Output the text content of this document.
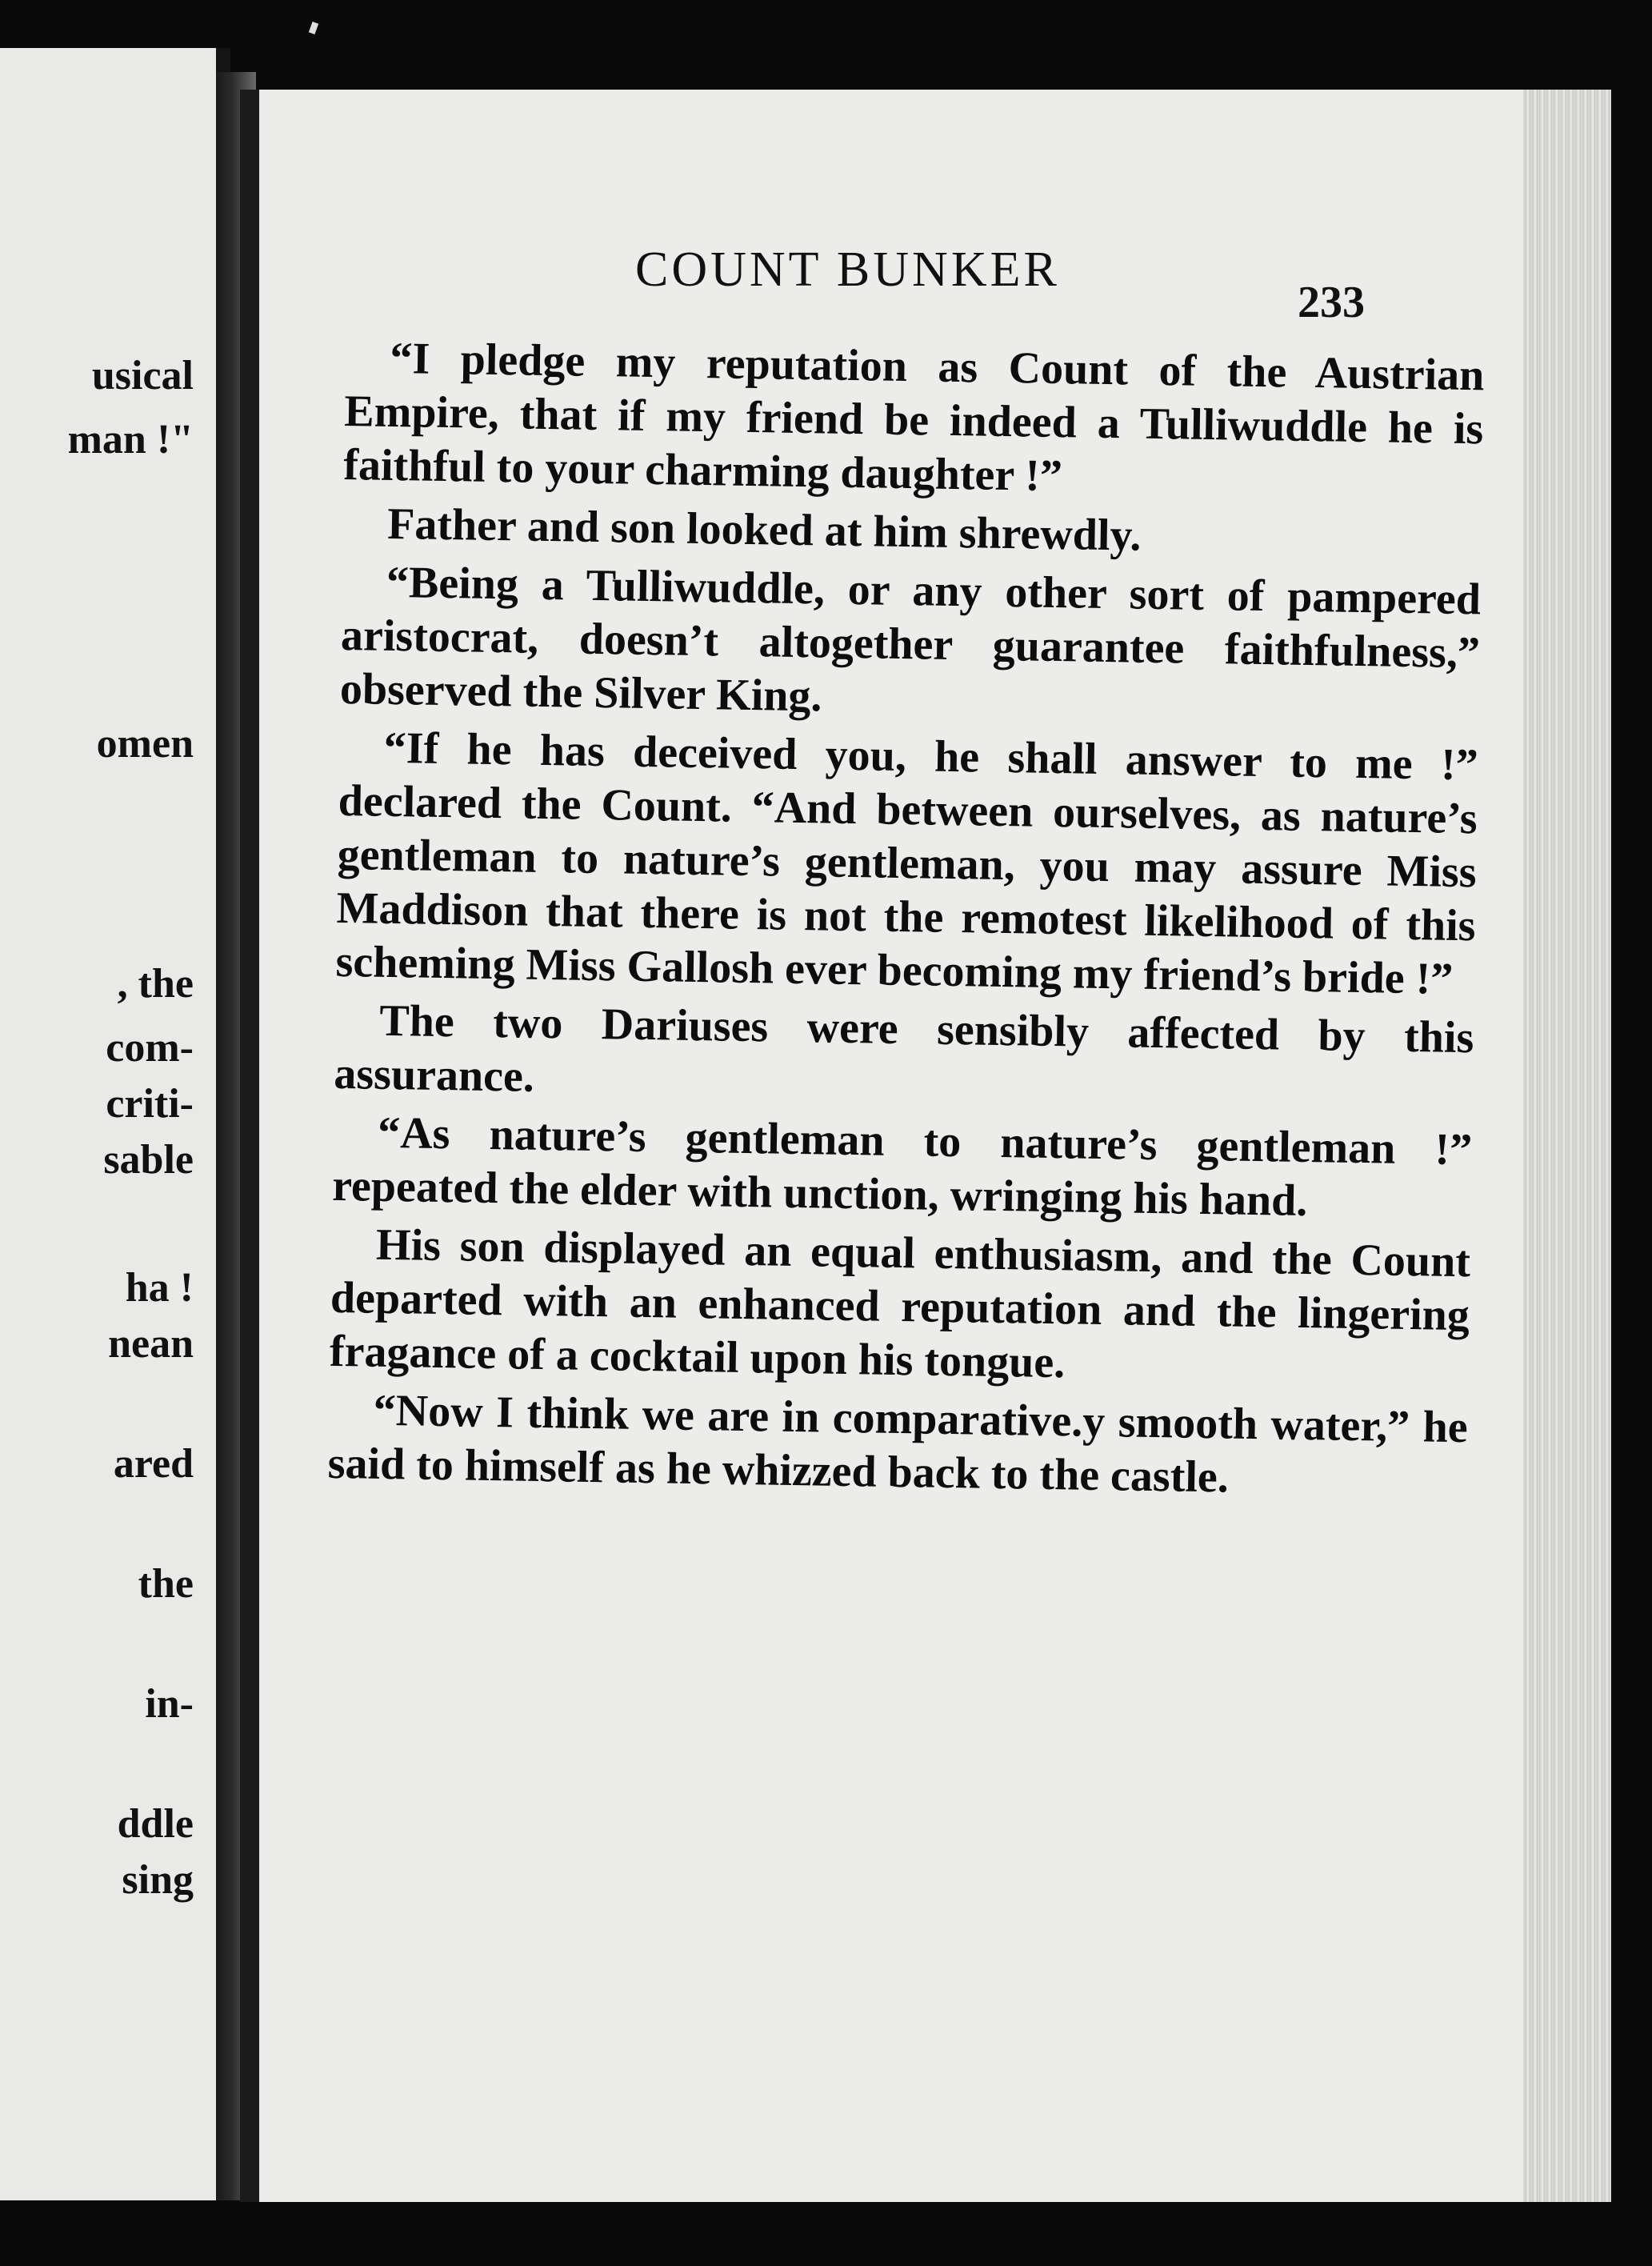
usical
man !"
omen
, the
com-
criti-
sable
ha !
nean
ared
the
in-
ddle
sing
COUNT BUNKER
233

“I pledge my reputation as Count of the Austrian Empire, that if my friend be indeed a Tulliwuddle he is faithful to your charming daughter !”

Father and son looked at him shrewdly.

“Being a Tulliwuddle, or any other sort of pampered aristocrat, doesn’t altogether guarantee faithfulness,” observed the Silver King.

“If he has deceived you, he shall answer to me !” declared the Count. “And between ourselves, as nature’s gentleman to nature’s gentleman, you may assure Miss Maddison that there is not the remotest likelihood of this scheming Miss Gallosh ever becoming my friend’s bride !”

The two Dariuses were sensibly affected by this assurance.

“As nature’s gentleman to nature’s gentleman !” repeated the elder with unction, wringing his hand.

His son displayed an equal enthusiasm, and the Count departed with an enhanced reputation and the lingering fragance of a cocktail upon his tongue.

“Now I think we are in comparative.y smooth water,” he said to himself as he whizzed back to the castle.
